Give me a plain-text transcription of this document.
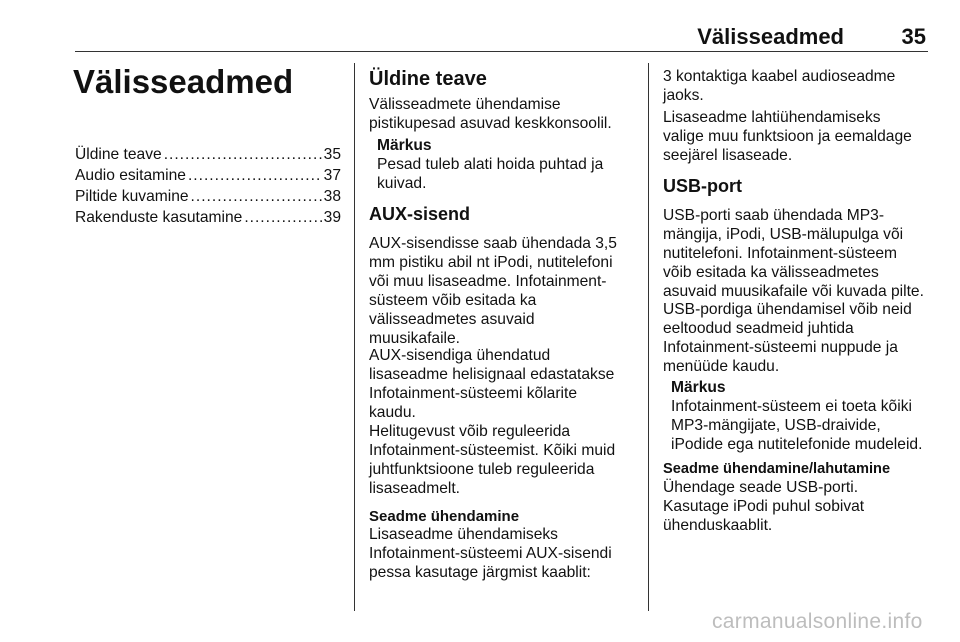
Välisseadmed	35
Välisseadmed
Üldine teave .....	35
Audio esitamine .....	37
Piltide kuvamine .....	38
Rakenduste kasutamine .....	39
Üldine teave

Välisseadmete ühendamise
pistikupesad asuvad keskkonsoolil.

Märkus
Pesad tuleb alati hoida puhtad ja
kuivad.
AUX-sisend

AUX-sisendisse saab ühendada 3,5
mm pistiku abil nt iPodi, nutitelefoni
või muu lisaseadme. Infotainment-
süsteem võib esitada ka
välisseadmetes asuvaid
muusikafaile.

AUX-sisendiga ühendatud
lisaseadme helisignaal edastatakse
Infotainment-süsteemi kõlarite
kaudu.

Helitugevust võib reguleerida
Infotainment-süsteemist. Kõiki muid
juhtfunktsioone tuleb reguleerida
lisaseadmelt.

Seadme ühendamine

Lisaseadme ühendamiseks
Infotainment-süsteemi AUX-sisendi
pessa kasutage järgmist kaablit:

3 kontaktiga kaabel audioseadme
jaoks.

Lisaseadme lahtiühendamiseks
valige muu funktsioon ja eemaldage
seejärel lisaseade.

USB-port

USB-porti saab ühendada MP3-
mängija, iPodi, USB-mälupulga või
nutitelefoni. Infotainment-süsteem
võib esitada ka välisseadmetes
asuvaid muusikafaile või kuvada pilte.

USB-pordiga ühendamisel võib neid
eeltoodud seadmeid juhtida
Infotainment-süsteemi nuppude ja
menüüde kaudu.

Märkus
Infotainment-süsteem ei toeta kõiki
MP3-mängijate, USB-draivide,
iPodide ega nutitelefonide mudeleid.
Seadme ühendamine/lahutamine

Ühendage seade USB-porti.
Kasutage iPodi puhul sobivat
ühenduskaablit.

carmanualsonline.info
